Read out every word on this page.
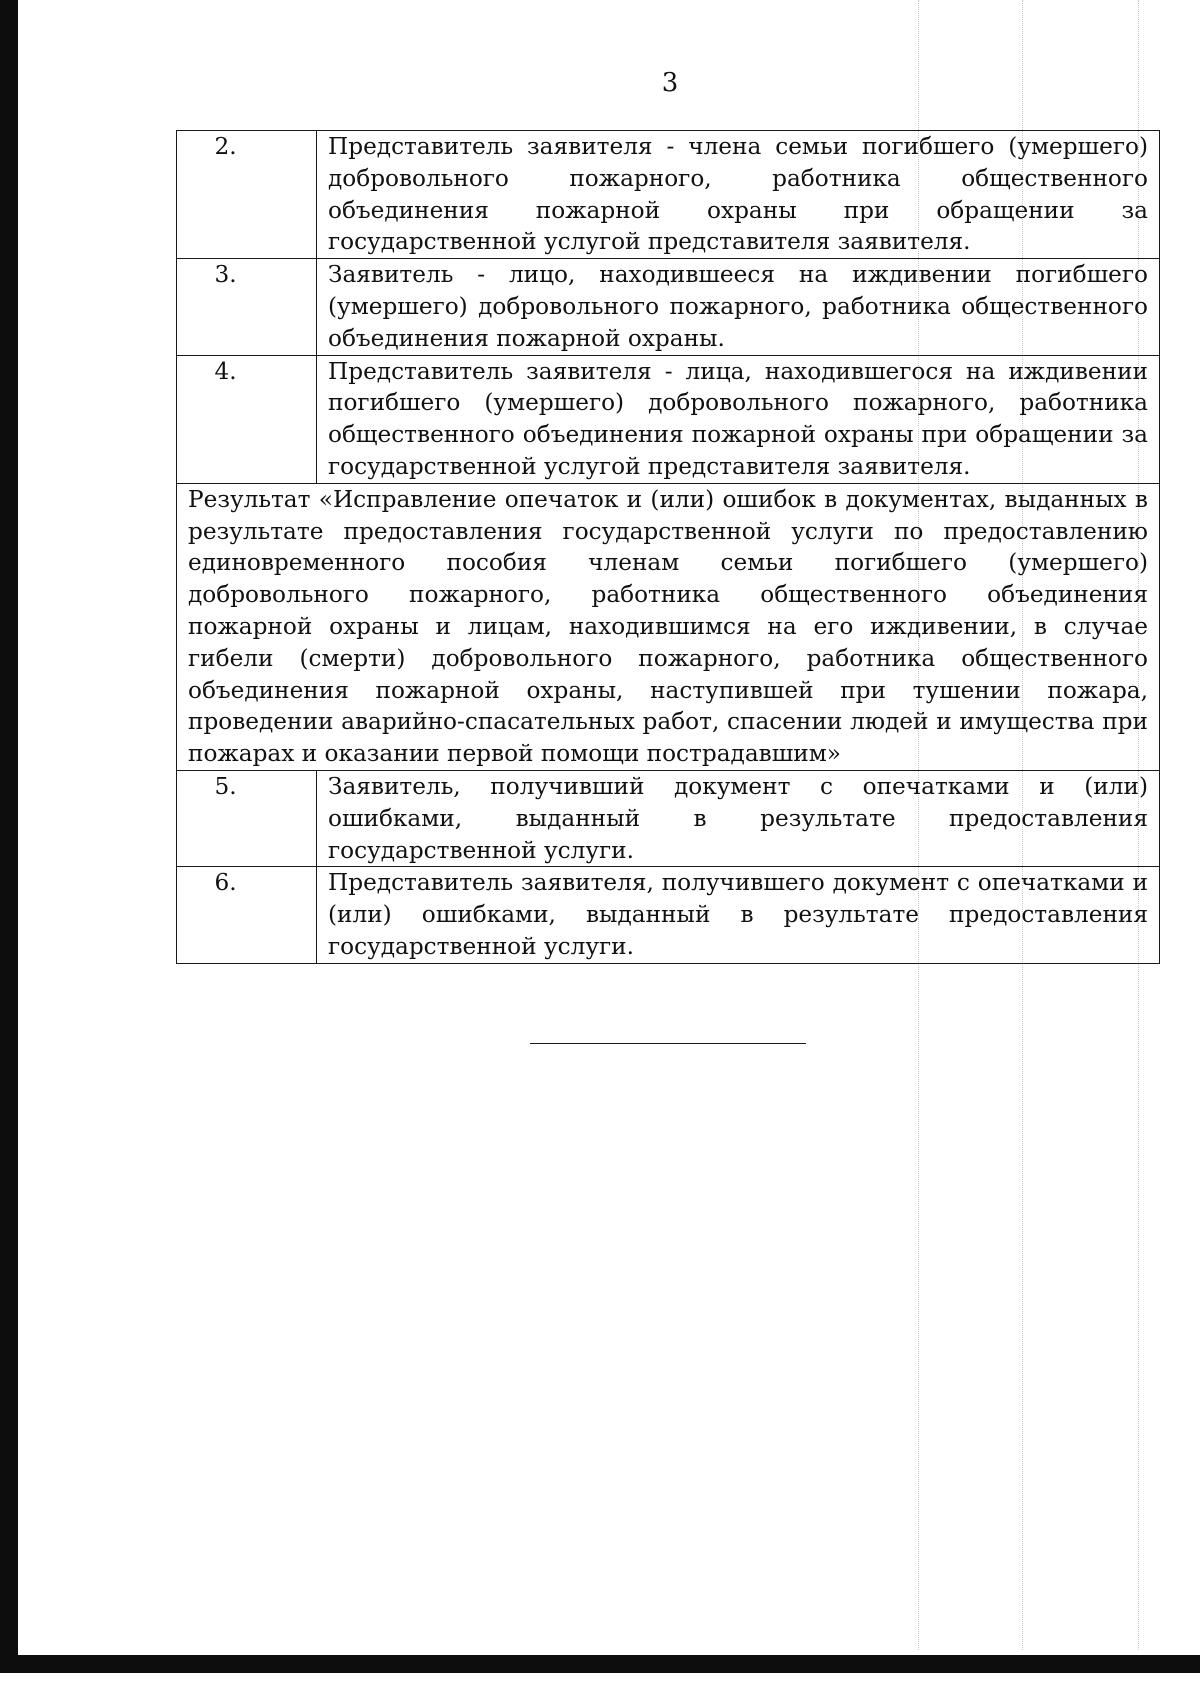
3
2.	Представитель заявителя - члена семьи погибшего (умершего) добровольного пожарного, работника общественного объединения пожарной охраны при обращении за государственной услугой представителя заявителя.

3.	Заявитель - лицо, находившееся на иждивении погибшего (умершего) добровольного пожарного, работника общественного объединения пожарной охраны.

4.	Представитель заявителя - лица, находившегося на иждивении погибшего (умершего) добровольного пожарного, работника общественного объединения пожарной охраны при обращении за государственной услугой представителя заявителя.
Результат «Исправление опечаток и (или) ошибок в документах, выданных в результате предоставления государственной услуги по предоставлению единовременного пособия членам семьи погибшего (умершего) добровольного пожарного, работника общественного объединения пожарной охраны и лицам, находившимся на его иждивении, в случае гибели (смерти) добровольного пожарного, работника общественного объединения пожарной охраны, наступившей при тушении пожара, проведении аварийно-спасательных работ, спасении людей и имущества при пожарах и оказании первой помощи пострадавшим»	

5.	Заявитель, получивший документ с опечатками и (или) ошибками, выданный в результате предоставления государственной услуги.

6.	Представитель заявителя, получившего документ с опечатками и (или) ошибками, выданный в результате предоставления государственной услуги.
